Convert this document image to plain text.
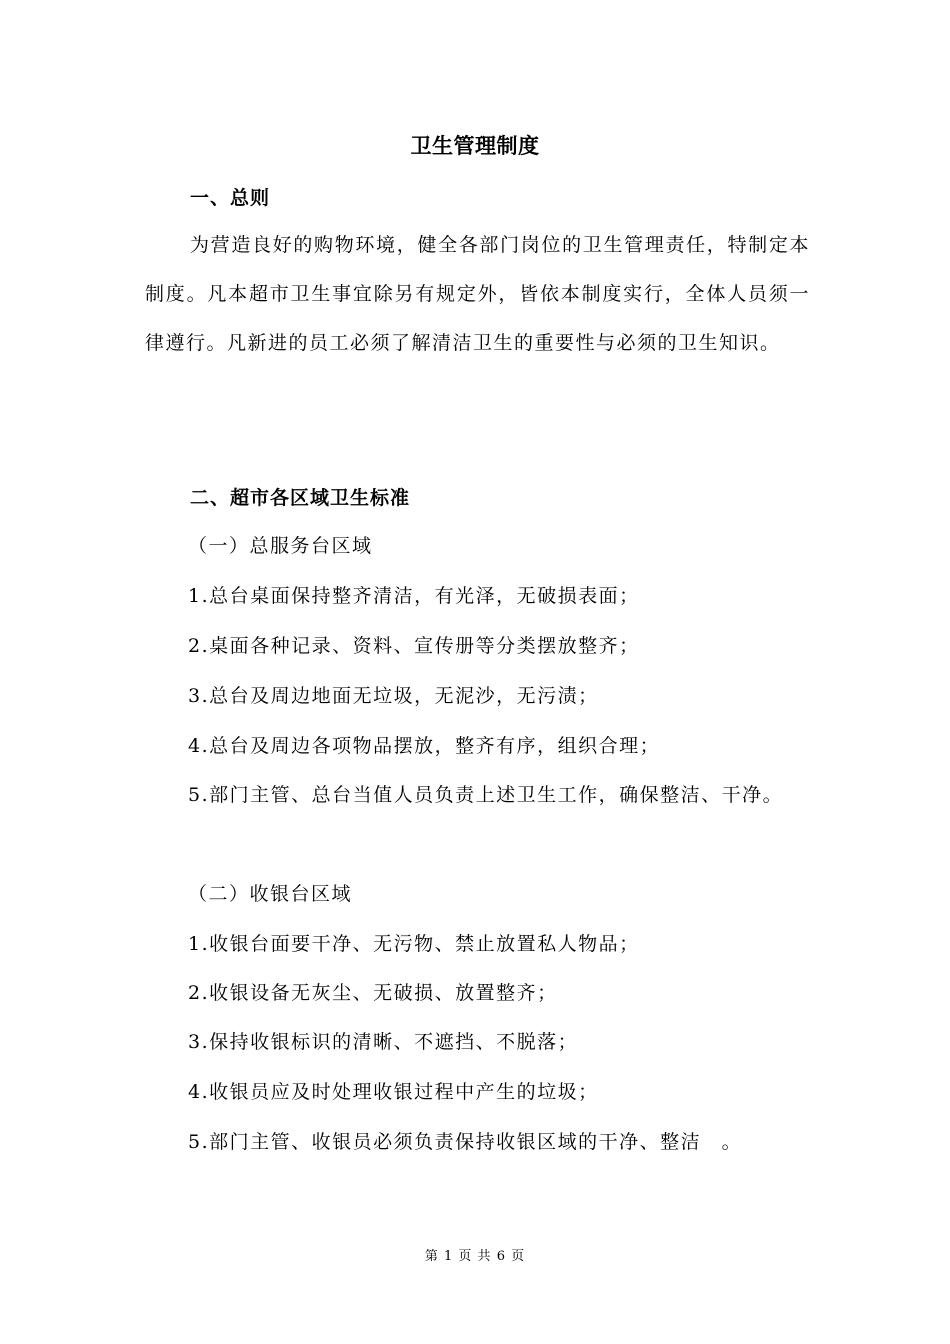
卫生管理制度
一、总则
为营造良好的购物环境，健全各部门岗位的卫生管理责任，特制定本制度。凡本超市卫生事宜除另有规定外，皆依本制度实行，全体人员须一律遵行。凡新进的员工必须了解清洁卫生的重要性与必须的卫生知识。
二、超市各区域卫生标准
（一）总服务台区域
1.总台桌面保持整齐清洁，有光泽，无破损表面；
2.桌面各种记录、资料、宣传册等分类摆放整齐；
3.总台及周边地面无垃圾，无泥沙，无污渍；
4.总台及周边各项物品摆放，整齐有序，组织合理；
5.部门主管、总台当值人员负责上述卫生工作，确保整洁、干净。
（二）收银台区域
1.收银台面要干净、无污物、禁止放置私人物品；
2.收银设备无灰尘、无破损、放置整齐；
3.保持收银标识的清晰、不遮挡、不脱落；
4.收银员应及时处理收银过程中产生的垃圾；
5.部门主管、收银员必须负责保持收银区域的干净、整洁　。
第 1 页 共 6 页
